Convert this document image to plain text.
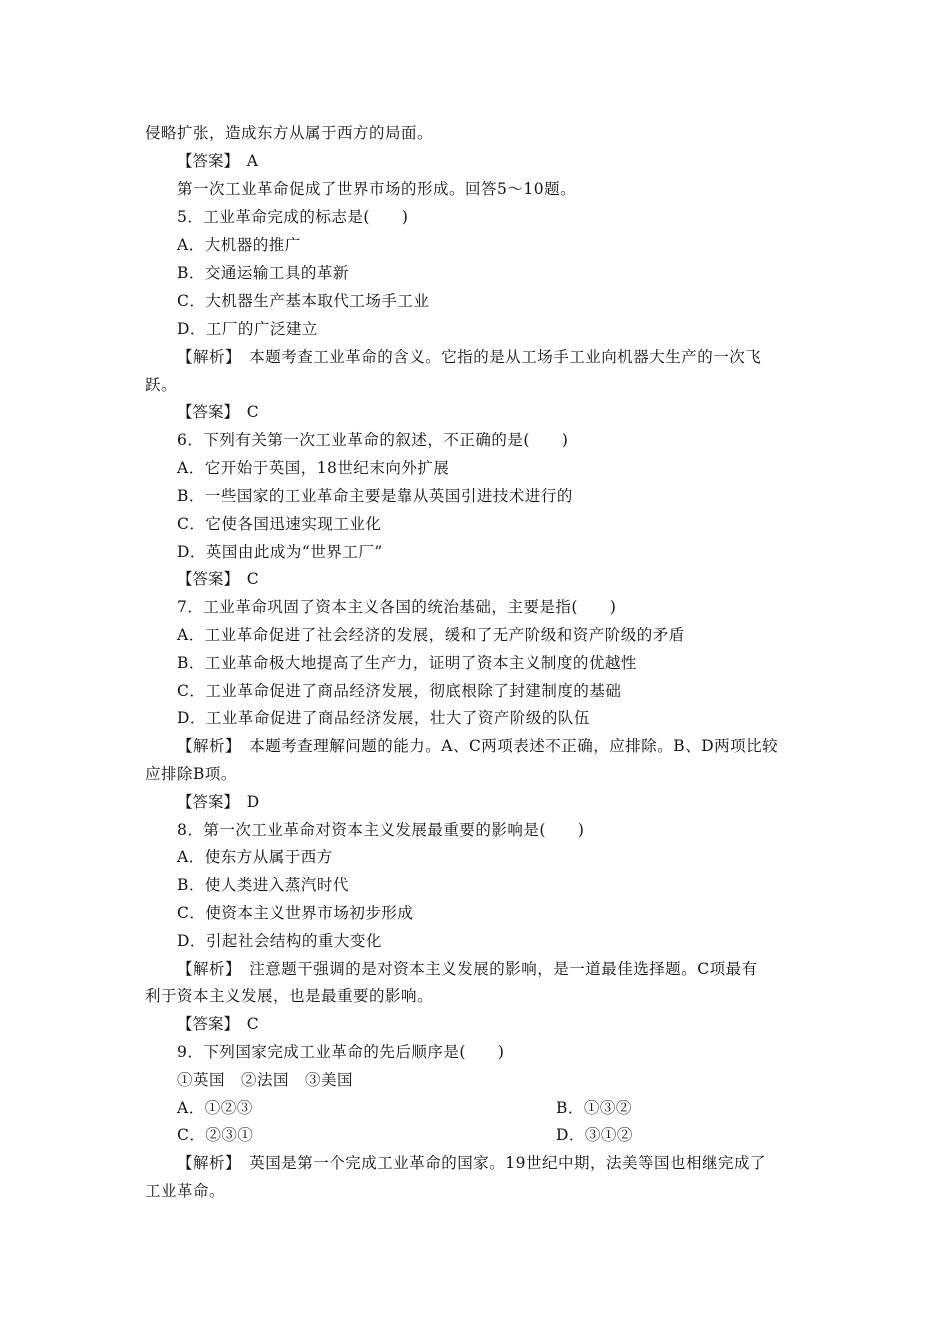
侵略扩张，造成东方从属于西方的局面。
【答案】　A
第一次工业革命促成了世界市场的形成。回答5～10题。
5．工业革命完成的标志是(　　)
A．大机器的推广
B．交通运输工具的革新
C．大机器生产基本取代工场手工业
D．工厂的广泛建立
【解析】　本题考查工业革命的含义。它指的是从工场手工业向机器大生产的一次飞
跃。
【答案】　C
6．下列有关第一次工业革命的叙述，不正确的是(　　)
A．它开始于英国，18世纪末向外扩展
B．一些国家的工业革命主要是靠从英国引进技术进行的
C．它使各国迅速实现工业化
D．英国由此成为“世界工厂”
【答案】　C
7．工业革命巩固了资本主义各国的统治基础，主要是指(　　)
A．工业革命促进了社会经济的发展，缓和了无产阶级和资产阶级的矛盾
B．工业革命极大地提高了生产力，证明了资本主义制度的优越性
C．工业革命促进了商品经济发展，彻底根除了封建制度的基础
D．工业革命促进了商品经济发展，壮大了资产阶级的队伍
【解析】　本题考查理解问题的能力。A、C两项表述不正确，应排除。B、D两项比较
应排除B项。
【答案】　D
8．第一次工业革命对资本主义发展最重要的影响是(　　)
A．使东方从属于西方
B．使人类进入蒸汽时代
C．使资本主义世界市场初步形成
D．引起社会结构的重大变化
【解析】　注意题干强调的是对资本主义发展的影响，是一道最佳选择题。C项最有
利于资本主义发展，也是最重要的影响。
【答案】　C
9．下列国家完成工业革命的先后顺序是(　　)
①英国　②法国　③美国
A．①②③	B．①③②
C．②③①	D．③①②
【解析】　英国是第一个完成工业革命的国家。19世纪中期，法美等国也相继完成了
工业革命。
